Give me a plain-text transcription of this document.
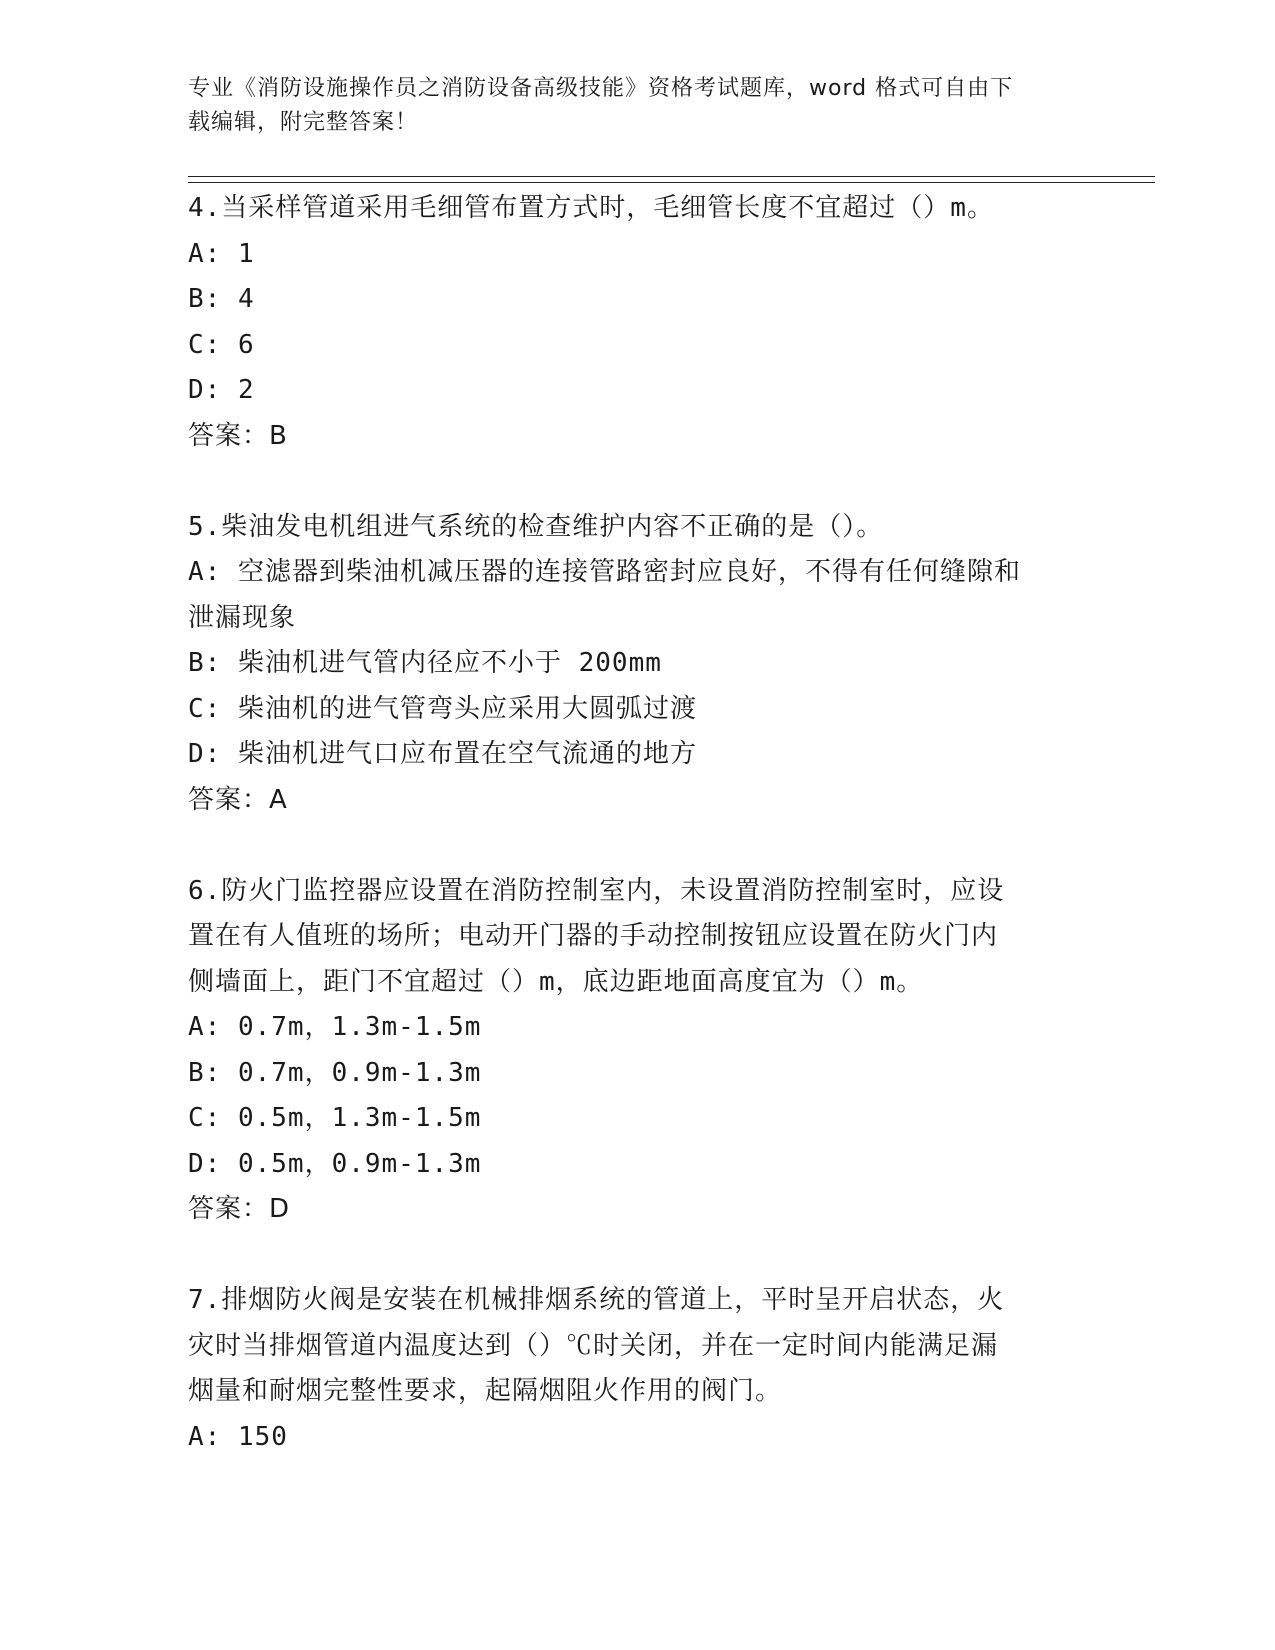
专业《消防设施操作员之消防设备高级技能》资格考试题库，word 格式可自由下
载编辑，附完整答案！
4.当采样管道采用毛细管布置方式时，毛细管长度不宜超过（）m。
A: 1
B: 4
C: 6
D: 2
答案：B
5.柴油发电机组进气系统的检查维护内容不正确的是（）。
A: 空滤器到柴油机减压器的连接管路密封应良好，不得有任何缝隙和
泄漏现象
B: 柴油机进气管内径应不小于 200mm
C: 柴油机的进气管弯头应采用大圆弧过渡
D: 柴油机进气口应布置在空气流通的地方
答案：A
6.防火门监控器应设置在消防控制室内，未设置消防控制室时，应设
置在有人值班的场所；电动开门器的手动控制按钮应设置在防火门内
侧墙面上，距门不宜超过（）m，底边距地面高度宜为（）m。
A: 0.7m，1.3m-1.5m
B: 0.7m，0.9m-1.3m
C: 0.5m，1.3m-1.5m
D: 0.5m，0.9m-1.3m
答案：D
7.排烟防火阀是安装在机械排烟系统的管道上，平时呈开启状态，火
灾时当排烟管道内温度达到（）℃时关闭，并在一定时间内能满足漏
烟量和耐烟完整性要求，起隔烟阻火作用的阀门。
A: 150
